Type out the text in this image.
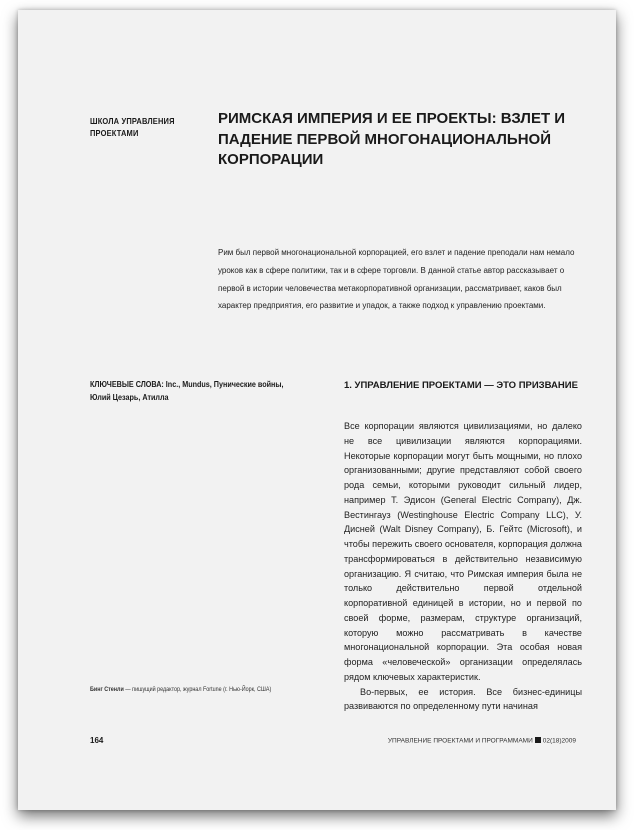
ШКОЛА УПРАВЛЕНИЯ ПРОЕКТАМИ
РИМСКАЯ ИМПЕРИЯ И ЕЕ ПРОЕКТЫ: ВЗЛЕТ И ПАДЕНИЕ ПЕРВОЙ МНОГОНАЦИОНАЛЬНОЙ КОРПОРАЦИИ
Рим был первой многонациональной корпорацией, его взлет и падение преподали нам немало уроков как в сфере политики, так и в сфере торговли. В данной статье автор рассказывает о первой в истории человечества метакорпоративной организации, рассматривает, каков был характер предприятия, его развитие и упадок, а также подход к управлению проектами.
КЛЮЧЕВЫЕ СЛОВА: Inc., Mundus, Пунические войны, Юлий Цезарь, Атилла
1. УПРАВЛЕНИЕ ПРОЕКТАМИ — ЭТО ПРИЗВАНИЕ

Все корпорации являются цивилизациями, но далеко не все цивилизации являются корпорациями. Некоторые корпорации могут быть мощными, но плохо организованными; другие представляют собой своего рода семьи, которыми руководит сильный лидер, например Т. Эдисон (General Electric Company), Дж. Вестингауз (Westinghouse Electric Company LLC), У. Дисней (Walt Disney Company), Б. Гейтс (Microsoft), и чтобы пережить своего основателя, корпорация должна трансформироваться в действительно независимую организацию. Я считаю, что Римская империя была не только действительно первой отдельной корпоративной единицей в истории, но и первой по своей форме, размерам, структуре организаций, которую можно рассматривать в качестве многонациональной корпорации. Эта особая новая форма «человеческой» организации определялась рядом ключевых характеристик.

Во-первых, ее история. Все бизнес-единицы развиваются по определенному пути начиная

Бинг Стенли — пишущий редактор, журнал Fortune (г. Нью-Йорк, США)
164	УПРАВЛЕНИЕ ПРОЕКТАМИ И ПРОГРАММАМИ 02(18)2009
